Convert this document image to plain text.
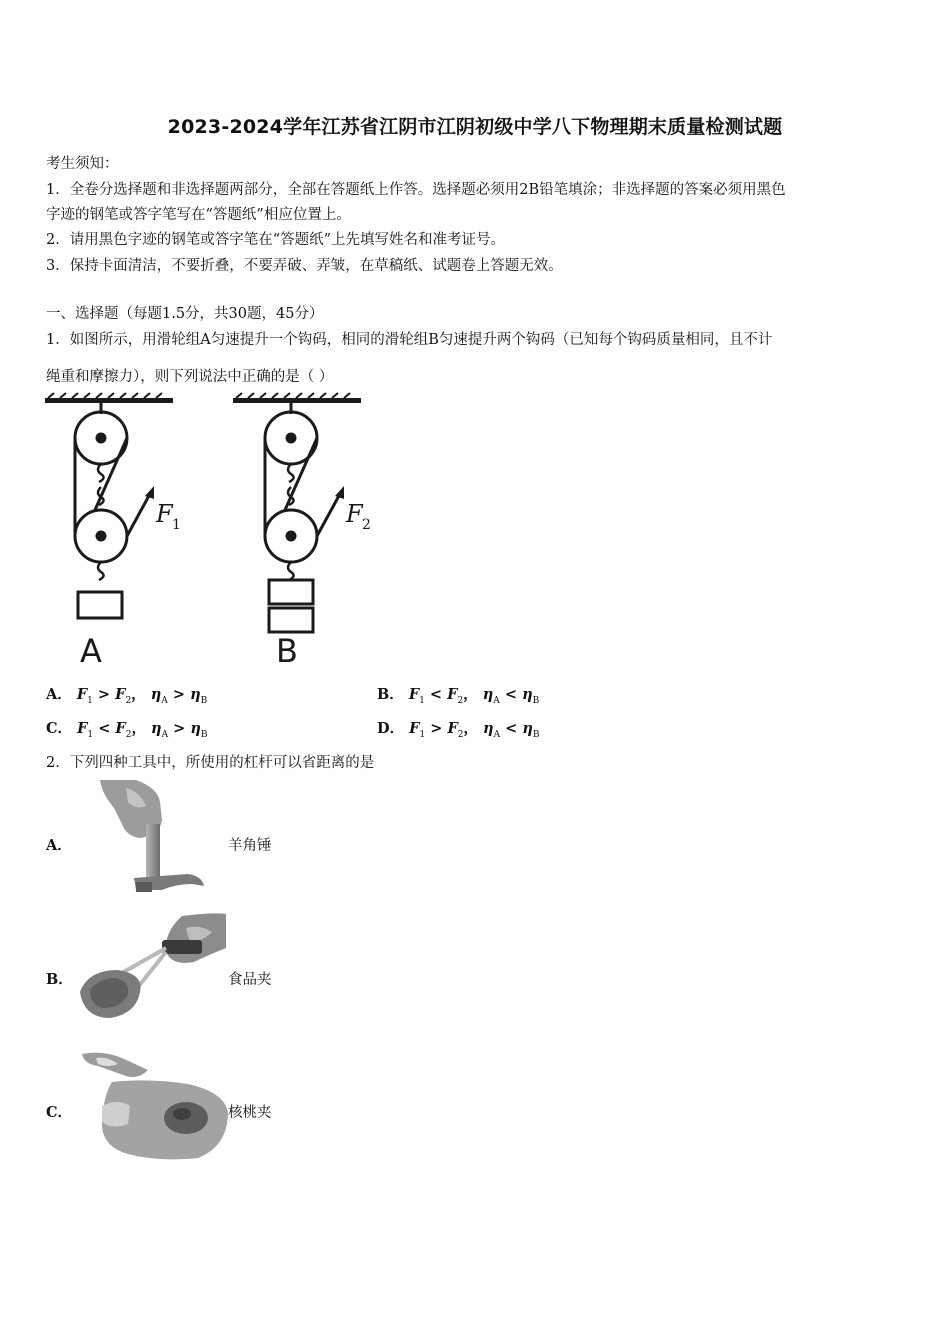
2023-2024学年江苏省江阴市江阴初级中学八下物理期末质量检测试题
考生须知：
1．全卷分选择题和非选择题两部分，全部在答题纸上作答。选择题必须用2B铅笔填涂；非选择题的答案必须用黑色
字迹的钢笔或答字笔写在“答题纸”相应位置上。
2．请用黑色字迹的钢笔或答字笔在“答题纸”上先填写姓名和准考证号。
3．保持卡面清洁，不要折叠，不要弄破、弄皱，在草稿纸、试题卷上答题无效。
一、选择题（每题1.5分，共30题，45分）
1．如图所示，用滑轮组A匀速提升一个钩码，相同的滑轮组B匀速提升两个钩码（已知每个钩码质量相同，且不计
绳重和摩擦力），则下列说法中正确的是（ ）
F 1
A
F 2
B
A． $F_1 > F_2$， $\eta_A > \eta_B$	B． $F_1 < F_2$， $\eta_A < \eta_B$
C． $F_1 < F_2$， $\eta_A > \eta_B$	D． $F_1 > F_2$， $\eta_A < \eta_B$
2．下列四种工具中，所使用的杠杆可以省距离的是
A．	羊角锤
B．	食品夹
C．	核桃夹
